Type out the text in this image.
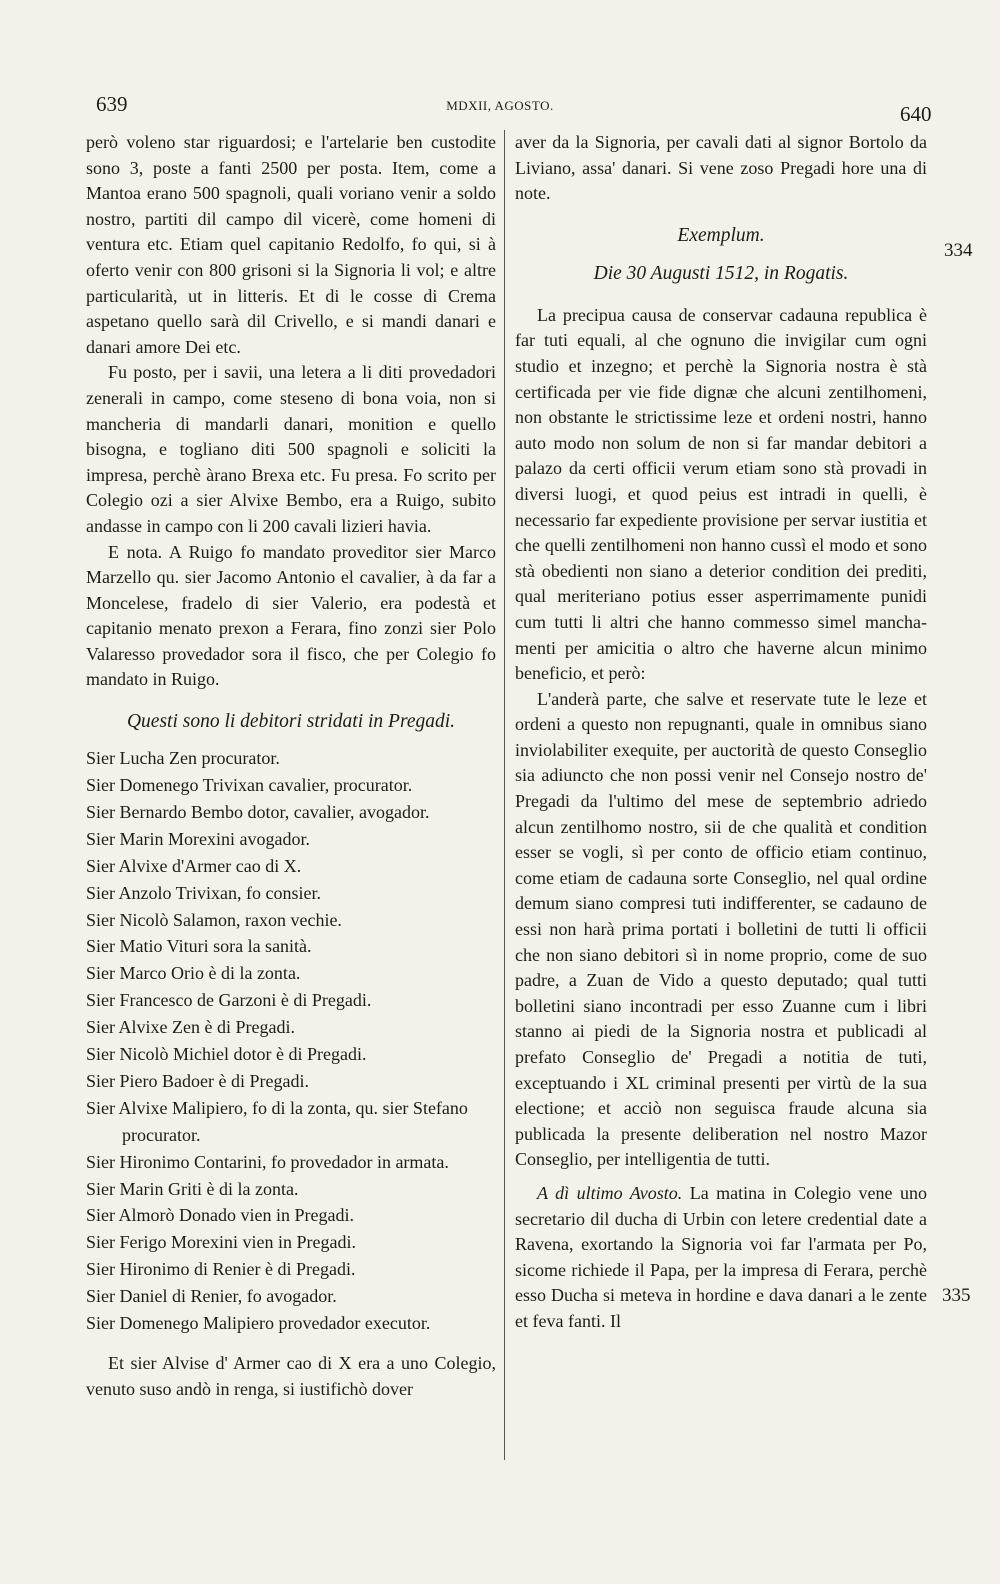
639	MDXII, AGOSTO.	640

però voleno star riguardosi; e l'artelarie ben custodite sono 3, poste a fanti 2500 per posta. Item, come a Mantoa erano 500 spagnoli, quali voriano venir a soldo nostro, partiti dil campo dil vicerè, come homeni di ventura etc. Etiam quel capitanio Redolfo, fo qui, si à oferto venir con 800 grisoni si la Signoria li vol; e altre particularità, ut in litteris. Et di le cosse di Crema aspetano quello sarà dil Crivello, e si mandi danari e danari amore Dei etc.

Fu posto, per i savii, una letera a li diti provedadori zenerali in campo, come steseno di bona voia, non si mancheria di mandarli danari, monition e quello bisogna, e togliano diti 500 spagnoli e soliciti la impresa, perchè àrano Brexa etc. Fu presa. Fo scrito per Colegio ozi a sier Alvixe Bembo, era a Ruigo, subito andasse in campo con li 200 cavali lizieri havia.

E nota. A Ruigo fo mandato proveditor sier Marco Marzello qu. sier Jacomo Antonio el cavalier, à da far a Moncelese, fradelo di sier Valerio, era podestà et capitanio menato prexon a Ferara, fino zonzi sier Polo Valaresso provedador sora il fisco, che per Colegio fo mandato in Ruigo.

Questi sono li debitori stridati in Pregadi.

Sier Lucha Zen procurator.

Sier Domenego Trivixan cavalier, procurator.

Sier Bernardo Bembo dotor, cavalier, avogador.

Sier Marin Morexini avogador.

Sier Alvixe d'Armer cao di X.

Sier Anzolo Trivixan, fo consier.

Sier Nicolò Salamon, raxon vechie.

Sier Matio Vituri sora la sanità.

Sier Marco Orio è di la zonta.

Sier Francesco de Garzoni è di Pregadi.

Sier Alvixe Zen è di Pregadi.

Sier Nicolò Michiel dotor è di Pregadi.

Sier Piero Badoer è di Pregadi.

Sier Alvixe Malipiero, fo di la zonta, qu. sier Stefano

procurator.

Sier Hironimo Contarini, fo provedador in armata.

Sier Marin Griti è di la zonta.

Sier Almorò Donado vien in Pregadi.

Sier Ferigo Morexini vien in Pregadi.

Sier Hironimo di Renier è di Pregadi.

Sier Daniel di Renier, fo avogador.

Sier Domenego Malipiero provedador executor.

Et sier Alvise d' Armer cao di X era a uno Colegio, venuto suso andò in renga, si iustifichò dover

aver da la Signoria, per cavali dati al signor Bortolo da Liviano, assa' danari. Si vene zoso Pregadi hore una di note.

Exemplum.

Die 30 Augusti 1512, in Rogatis.

La precipua causa de conservar cadauna republica è far tuti equali, al che ognuno die invigilar cum ogni studio et inzegno; et perchè la Signoria nostra è stà certificada per vie fide dignæ che alcuni zentilhomeni, non obstante le strictissime leze et ordeni nostri, hanno auto modo non solum de non si far mandar debitori a palazo da certi officii verum etiam sono stà provadi in diversi luogi, et quod peius est intradi in quelli, è necessario far expediente provisione per servar iustitia et che quelli zentilhomeni non hanno cussì el modo et sono stà obedienti non siano a deterior condition dei prediti, qual meriteriano potius esser asperrimamente punidi cum tutti li altri che hanno commesso simel manchamenti per amicitia o altro che haverne alcun minimo beneficio, et però:

L'anderà parte, che salve et reservate tute le leze et ordeni a questo non repugnanti, quale in omnibus siano inviolabiliter exequite, per auctorità de questo Conseglio sia adiuncto che non possi venir nel Consejo nostro de' Pregadi da l'ultimo del mese de septembrio adriedo alcun zentilhomo nostro, sii de che qualità et condition esser se vogli, sì per conto de officio etiam continuo, come etiam de cadauna sorte Conseglio, nel qual ordine demum siano compresi tuti indifferenter, se cadauno de essi non harà prima portati i bolletini de tutti li officii che non siano debitori sì in nome proprio, come de suo padre, a Zuan de Vido a questo deputado; qual tutti bolletini siano incontradi per esso Zuanne cum i libri stanno ai piedi de la Signoria nostra et publicadi al prefato Conseglio de' Pregadi a notitia de tuti, exceptuando i XL criminal presenti per virtù de la sua electione; et acciò non seguisca fraude alcuna sia publicada la presente deliberation nel nostro Mazor Conseglio, per intelligentia de tutti.

A dì ultimo Avosto. La matina in Colegio vene uno secretario dil ducha di Urbin con letere credential date a Ravena, exortando la Signoria voi far l'armata per Po, sicome richiede il Papa, per la impresa di Ferara, perchè esso Ducha si meteva in hordine e dava danari a le zente et feva fanti. Il

334
335
